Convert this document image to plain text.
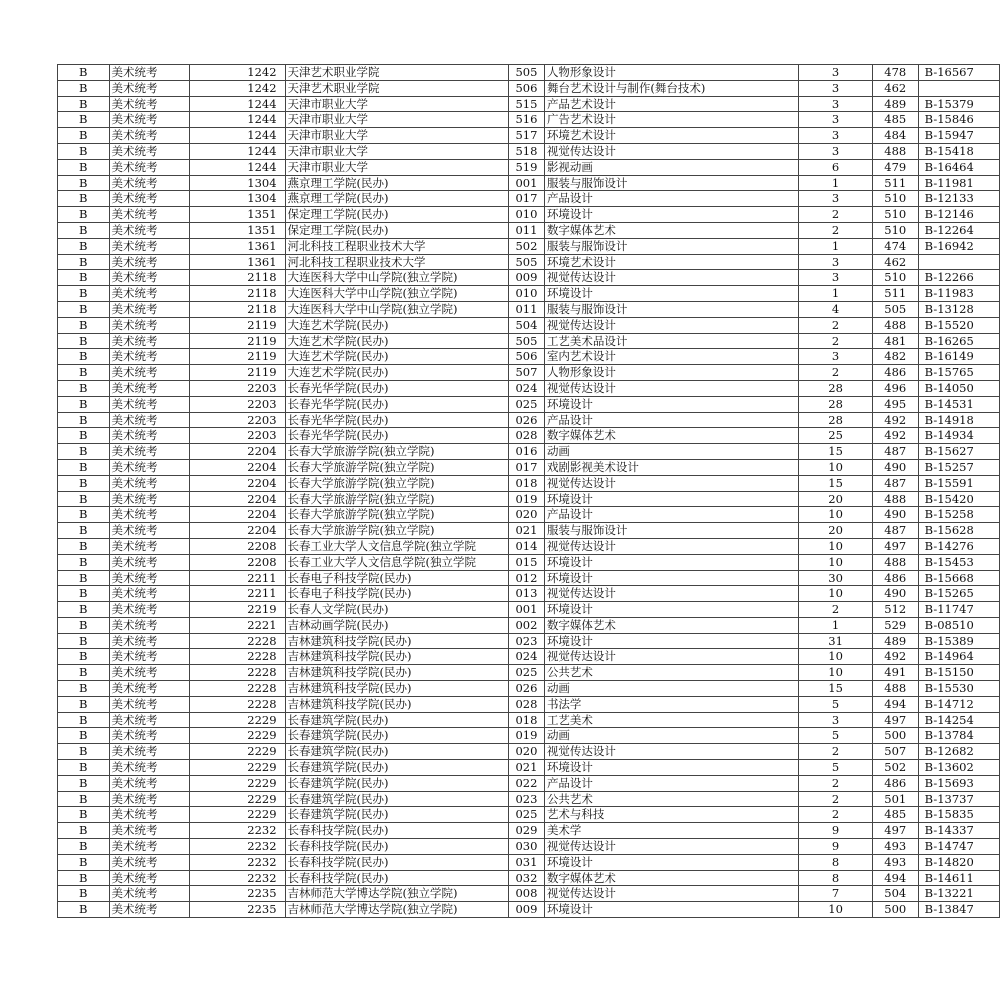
B	美术统考	1242	天津艺术职业学院	505	人物形象设计	3	478	B-16567
B	美术统考	1242	天津艺术职业学院	506	舞台艺术设计与制作(舞台技术)	3	462	
B	美术统考	1244	天津市职业大学	515	产品艺术设计	3	489	B-15379
B	美术统考	1244	天津市职业大学	516	广告艺术设计	3	485	B-15846
B	美术统考	1244	天津市职业大学	517	环境艺术设计	3	484	B-15947
B	美术统考	1244	天津市职业大学	518	视觉传达设计	3	488	B-15418
B	美术统考	1244	天津市职业大学	519	影视动画	6	479	B-16464
B	美术统考	1304	燕京理工学院(民办)	001	服装与服饰设计	1	511	B-11981
B	美术统考	1304	燕京理工学院(民办)	017	产品设计	3	510	B-12133
B	美术统考	1351	保定理工学院(民办)	010	环境设计	2	510	B-12146
B	美术统考	1351	保定理工学院(民办)	011	数字媒体艺术	2	510	B-12264
B	美术统考	1361	河北科技工程职业技术大学	502	服装与服饰设计	1	474	B-16942
B	美术统考	1361	河北科技工程职业技术大学	505	环境艺术设计	3	462	
B	美术统考	2118	大连医科大学中山学院(独立学院)	009	视觉传达设计	3	510	B-12266
B	美术统考	2118	大连医科大学中山学院(独立学院)	010	环境设计	1	511	B-11983
B	美术统考	2118	大连医科大学中山学院(独立学院)	011	服装与服饰设计	4	505	B-13128
B	美术统考	2119	大连艺术学院(民办)	504	视觉传达设计	2	488	B-15520
B	美术统考	2119	大连艺术学院(民办)	505	工艺美术品设计	2	481	B-16265
B	美术统考	2119	大连艺术学院(民办)	506	室内艺术设计	3	482	B-16149
B	美术统考	2119	大连艺术学院(民办)	507	人物形象设计	2	486	B-15765
B	美术统考	2203	长春光华学院(民办)	024	视觉传达设计	28	496	B-14050
B	美术统考	2203	长春光华学院(民办)	025	环境设计	28	495	B-14531
B	美术统考	2203	长春光华学院(民办)	026	产品设计	28	492	B-14918
B	美术统考	2203	长春光华学院(民办)	028	数字媒体艺术	25	492	B-14934
B	美术统考	2204	长春大学旅游学院(独立学院)	016	动画	15	487	B-15627
B	美术统考	2204	长春大学旅游学院(独立学院)	017	戏剧影视美术设计	10	490	B-15257
B	美术统考	2204	长春大学旅游学院(独立学院)	018	视觉传达设计	15	487	B-15591
B	美术统考	2204	长春大学旅游学院(独立学院)	019	环境设计	20	488	B-15420
B	美术统考	2204	长春大学旅游学院(独立学院)	020	产品设计	10	490	B-15258
B	美术统考	2204	长春大学旅游学院(独立学院)	021	服装与服饰设计	20	487	B-15628
B	美术统考	2208	长春工业大学人文信息学院(独立学院	014	视觉传达设计	10	497	B-14276
B	美术统考	2208	长春工业大学人文信息学院(独立学院	015	环境设计	10	488	B-15453
B	美术统考	2211	长春电子科技学院(民办)	012	环境设计	30	486	B-15668
B	美术统考	2211	长春电子科技学院(民办)	013	视觉传达设计	10	490	B-15265
B	美术统考	2219	长春人文学院(民办)	001	环境设计	2	512	B-11747
B	美术统考	2221	吉林动画学院(民办)	002	数字媒体艺术	1	529	B-08510
B	美术统考	2228	吉林建筑科技学院(民办)	023	环境设计	31	489	B-15389
B	美术统考	2228	吉林建筑科技学院(民办)	024	视觉传达设计	10	492	B-14964
B	美术统考	2228	吉林建筑科技学院(民办)	025	公共艺术	10	491	B-15150
B	美术统考	2228	吉林建筑科技学院(民办)	026	动画	15	488	B-15530
B	美术统考	2228	吉林建筑科技学院(民办)	028	书法学	5	494	B-14712
B	美术统考	2229	长春建筑学院(民办)	018	工艺美术	3	497	B-14254
B	美术统考	2229	长春建筑学院(民办)	019	动画	5	500	B-13784
B	美术统考	2229	长春建筑学院(民办)	020	视觉传达设计	2	507	B-12682
B	美术统考	2229	长春建筑学院(民办)	021	环境设计	5	502	B-13602
B	美术统考	2229	长春建筑学院(民办)	022	产品设计	2	486	B-15693
B	美术统考	2229	长春建筑学院(民办)	023	公共艺术	2	501	B-13737
B	美术统考	2229	长春建筑学院(民办)	025	艺术与科技	2	485	B-15835
B	美术统考	2232	长春科技学院(民办)	029	美术学	9	497	B-14337
B	美术统考	2232	长春科技学院(民办)	030	视觉传达设计	9	493	B-14747
B	美术统考	2232	长春科技学院(民办)	031	环境设计	8	493	B-14820
B	美术统考	2232	长春科技学院(民办)	032	数字媒体艺术	8	494	B-14611
B	美术统考	2235	吉林师范大学博达学院(独立学院)	008	视觉传达设计	7	504	B-13221
B	美术统考	2235	吉林师范大学博达学院(独立学院)	009	环境设计	10	500	B-13847
